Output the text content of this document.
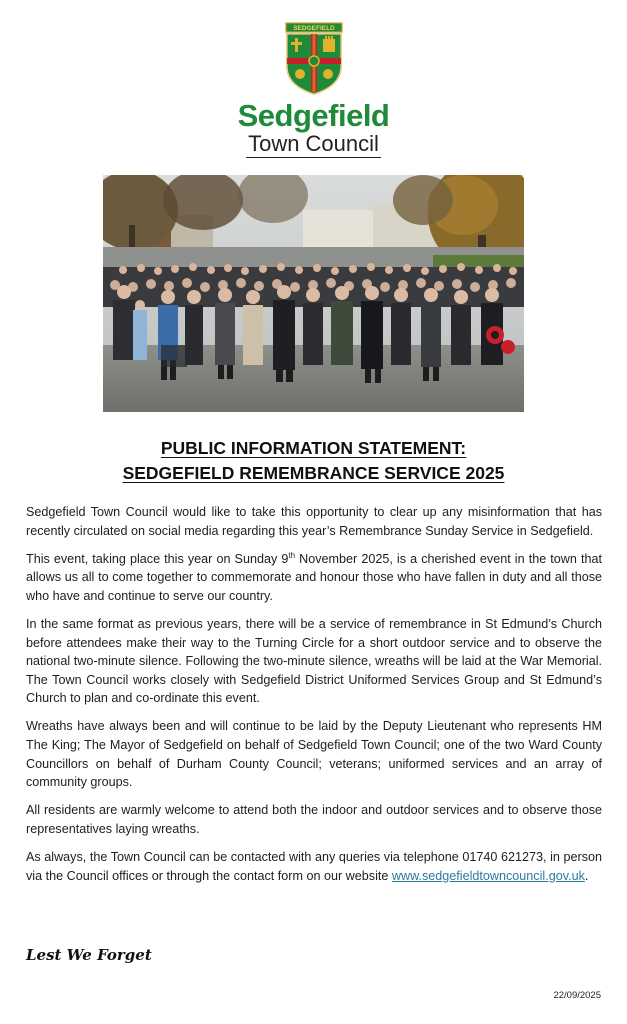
SEDGEFIELD
Sedgefield
Town Council
PUBLIC INFORMATION STATEMENT:
SEDGEFIELD REMEMBRANCE SERVICE 2025

Sedgefield Town Council would like to take this opportunity to clear up any misinformation that has recently circulated on social media regarding this year’s Remembrance Sunday Service in Sedgefield.

This event, taking place this year on Sunday 9th November 2025, is a cherished event in the town that allows us all to come together to commemorate and honour those who have fallen in duty and all those who have and continue to serve our country.

In the same format as previous years, there will be a service of remembrance in St Edmund’s Church before attendees make their way to the Turning Circle for a short outdoor service and to observe the national two-minute silence. Following the two-minute silence, wreaths will be laid at the War Memorial. The Town Council works closely with Sedgefield District Uniformed Services Group and St Edmund’s Church to plan and co-ordinate this event.

Wreaths have always been and will continue to be laid by the Deputy Lieutenant who represents HM The King; The Mayor of Sedgefield on behalf of Sedgefield Town Council; one of the two Ward County Councillors on behalf of Durham County Council; veterans; uniformed services and an array of community groups.

All residents are warmly welcome to attend both the indoor and outdoor services and to observe those representatives laying wreaths.

As always, the Town Council can be contacted with any queries via telephone 01740 621273, in person via the Council offices or through the contact form on our website www.sedgefieldtowncouncil.gov.uk.

Lest We Forget
22/09/2025
